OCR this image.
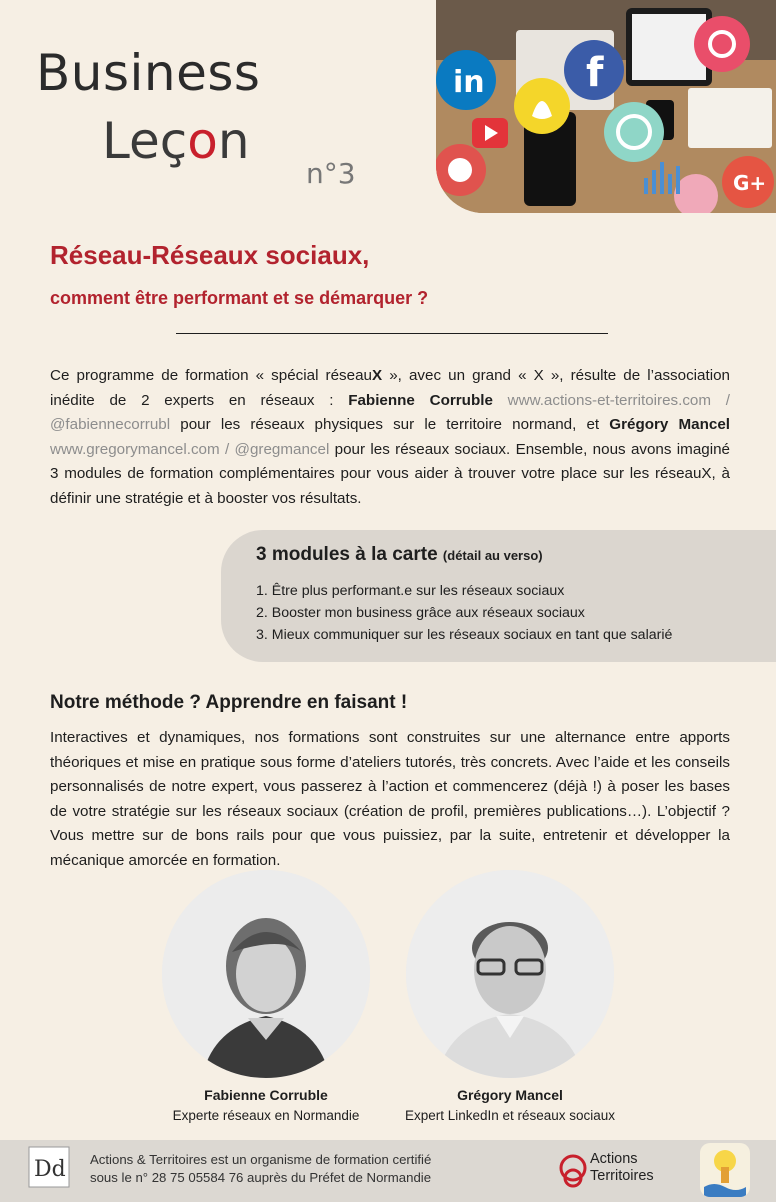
Business
Leçon
n°3
in	f
G+
Réseau-Réseaux sociaux,
comment être performant et se démarquer ?
Ce programme de formation « spécial réseauX », avec un grand « X », résulte de l’association inédite de 2 experts en réseaux : Fabienne Corruble www.actions-et-territoires.com / @fabiennecorrubl pour les réseaux physiques sur le territoire normand, et Grégory Mancel www.gregorymancel.com / @gregmancel pour les réseaux sociaux. Ensemble, nous avons imaginé 3 modules de formation complémentaires pour vous aider à trouver votre place sur les réseauX, à définir une stratégie et à booster vos résultats.
3 modules à la carte (détail au verso)
1. Être plus performant.e sur les réseaux sociaux
2. Booster mon business grâce aux réseaux sociaux
3. Mieux communiquer sur les réseaux sociaux en tant que salarié
Notre méthode ? Apprendre en faisant !
Interactives et dynamiques, nos formations sont construites sur une alternance entre apports théoriques et mise en pratique sous forme d’ateliers tutorés, très concrets. Avec l’aide et les conseils personnalisés de notre expert, vous passerez à l’action et commencerez (déjà !) à poser les bases de votre stratégie sur les réseaux sociaux (création de profil, premières publications…). L’objectif ? Vous mettre sur de bons rails pour que vous puissiez, par la suite, entretenir et développer la mécanique amorcée en formation.
Fabienne Corruble
Experte réseaux en Normandie
Grégory Mancel
Expert LinkedIn et réseaux sociaux
Dd Actions & Territoires est un organisme de formation certifié
sous le n° 28 75 05584 76 auprès du Préfet de Normandie
Actions
Territoires
